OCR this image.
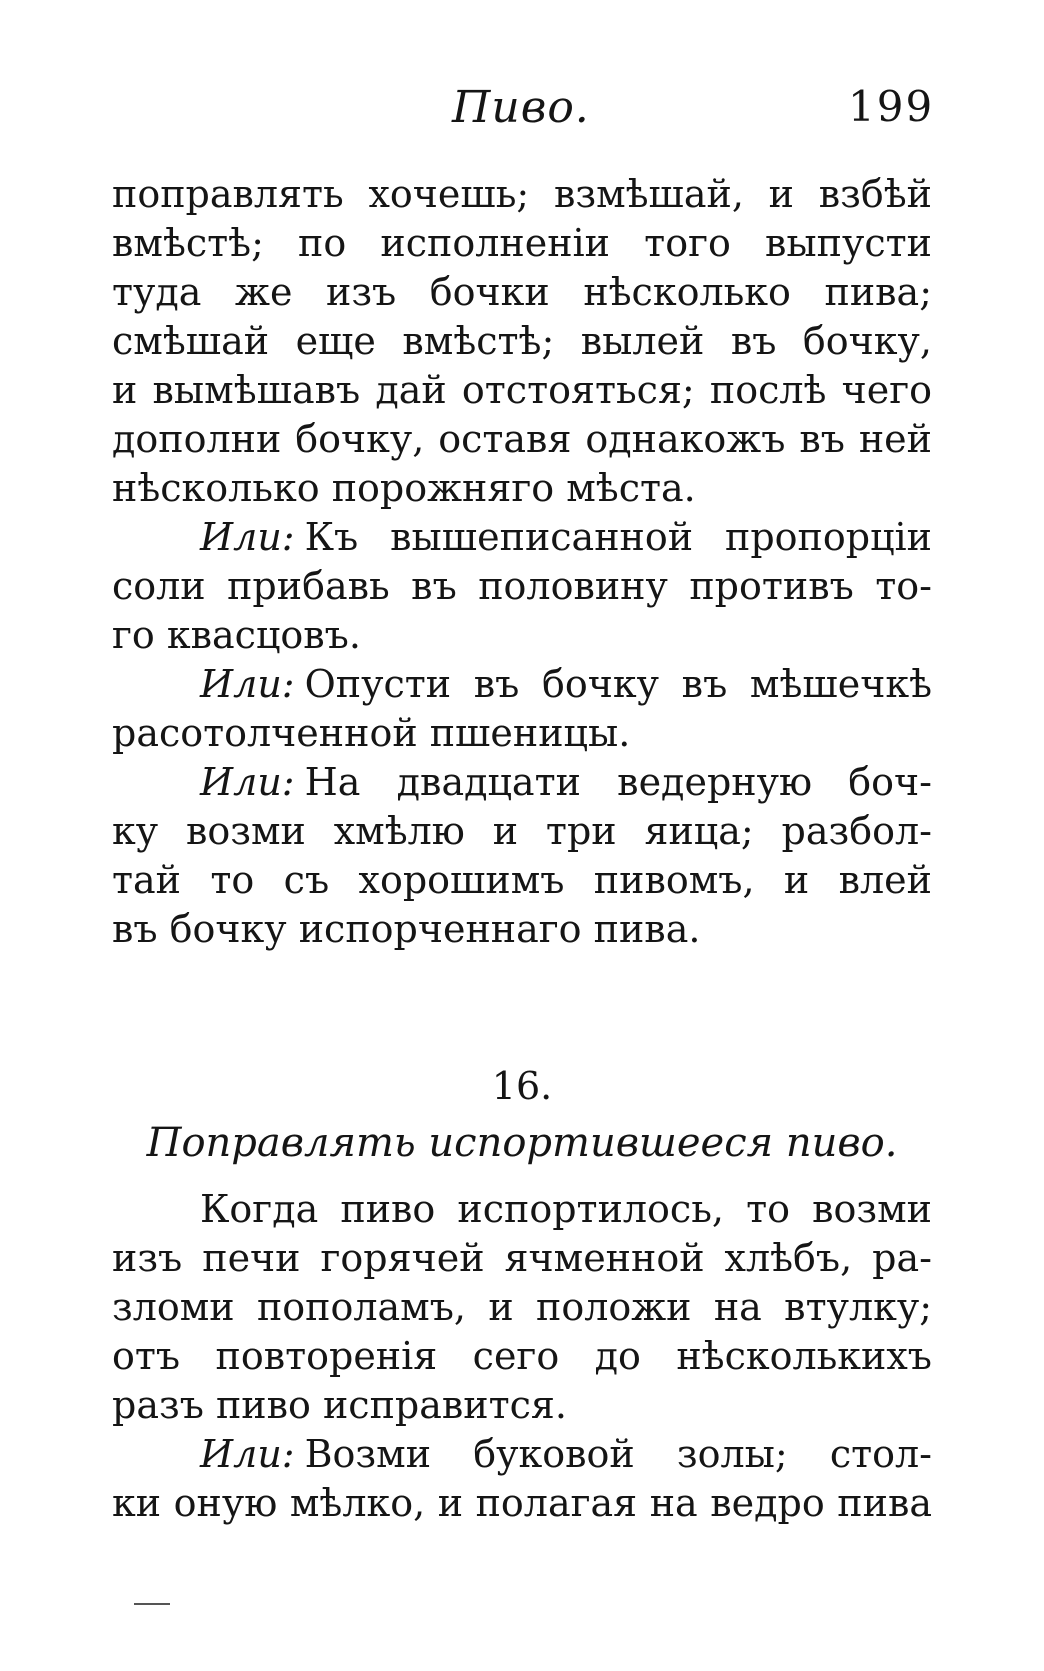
Пиво.	199
поправлять хочешь; взмѣшай, и взбѣй
вмѣстѣ; по исполненіи того выпусти
туда же изъ бочки нѣсколько пива;
смѣшай еще вмѣстѣ; вылей въ бочку,
и вымѣшавъ дай отстояться; послѣ чего
дополни бочку, оставя однакожъ въ ней
нѣсколько порожняго мѣста.
Или: Къ вышеписанной пропорціи
соли прибавь въ половину противъ то-
го квасцовъ.
Или: Опусти въ бочку въ мѣшечкѣ
расотолченной пшеницы.
Или: На двадцати ведерную боч-
ку возми хмѣлю и три яица; разбол-
тай то съ хорошимъ пивомъ, и влей
въ бочку испорченнаго пива.
16.
Поправлять испортившееся пиво.
Когда пиво испортилось, то возми
изъ печи горячей ячменной хлѣбъ, ра-
зломи пополамъ, и положи на втулку;
отъ повторенія сего до нѣсколькихъ
разъ пиво исправится.
Или: Возми буковой золы; стол-
ки оную мѣлко, и полагая на ведро пива
